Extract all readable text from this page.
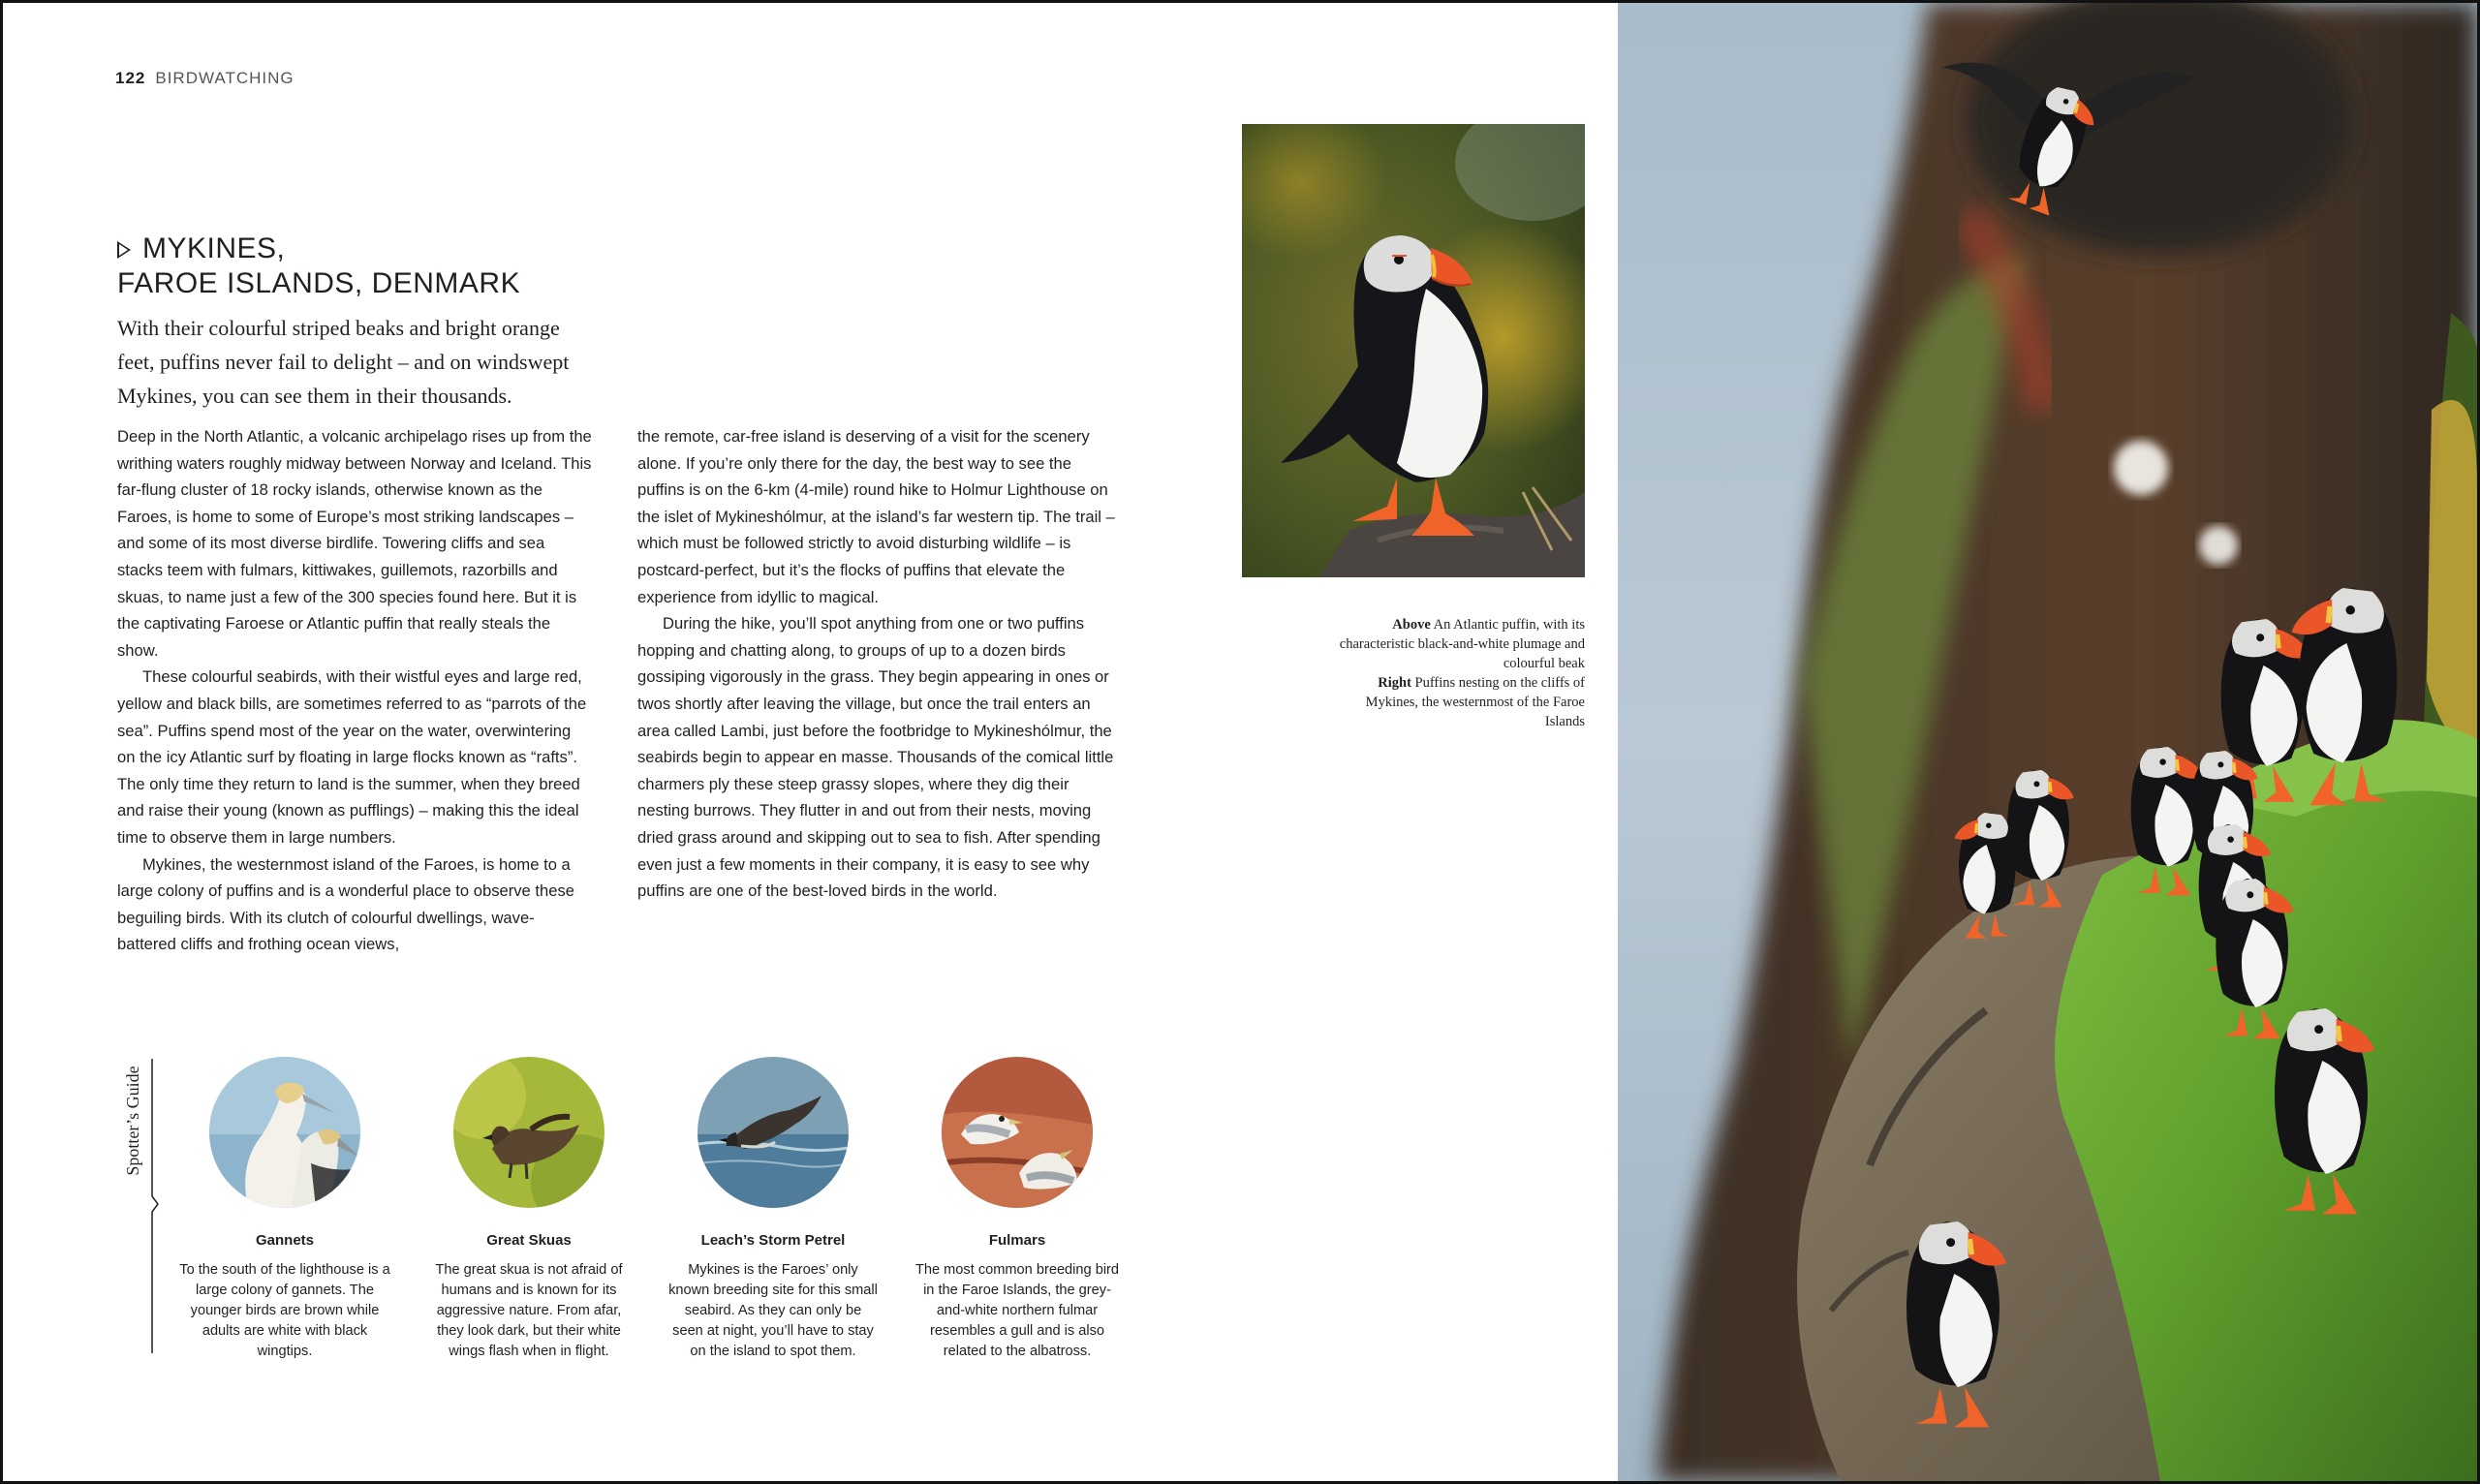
122 BIRDWATCHING
MYKINES,
FAROE ISLANDS, DENMARK
With their colourful striped beaks and bright orange feet, puffins never fail to delight – and on windswept Mykines, you can see them in their thousands.

Deep in the North Atlantic, a volcanic archipelago rises up from the writhing waters roughly midway between Norway and Iceland. This far-flung cluster of 18 rocky islands, otherwise known as the Faroes, is home to some of Europe’s most striking landscapes – and some of its most diverse birdlife. Towering cliffs and sea stacks teem with fulmars, kittiwakes, guillemots, razorbills and skuas, to name just a few of the 300 species found here. But it is the captivating Faroese or Atlantic puffin that really steals the show.

These colourful seabirds, with their wistful eyes and large red, yellow and black bills, are sometimes referred to as “parrots of the sea”. Puffins spend most of the year on the water, overwintering on the icy Atlantic surf by floating in large flocks known as “rafts”. The only time they return to land is the summer, when they breed and raise their young (known as pufflings) – making this the ideal time to observe them in large numbers.

Mykines, the westernmost island of the Faroes, is home to a large colony of puffins and is a wonderful place to observe these beguiling birds. With its clutch of colourful dwellings, wave-battered cliffs and frothing ocean views,

the remote, car-free island is deserving of a visit for the scenery alone. If you’re only there for the day, the best way to see the puffins is on the 6-km (4-mile) round hike to Holmur Lighthouse on the islet of Mykineshólmur, at the island’s far western tip. The trail – which must be followed strictly to avoid disturbing wildlife – is postcard-perfect, but it’s the flocks of puffins that elevate the experience from idyllic to magical.

During the hike, you’ll spot anything from one or two puffins hopping and chatting along, to groups of up to a dozen birds gossiping vigorously in the grass. They begin appearing in ones or twos shortly after leaving the village, but once the trail enters an area called Lambi, just before the footbridge to Mykineshólmur, the seabirds begin to appear en masse. Thousands of the comical little charmers ply these steep grassy slopes, where they dig their nesting burrows. They flutter in and out from their nests, moving dried grass around and skipping out to sea to fish. After spending even just a few moments in their company, it is easy to see why puffins are one of the best-loved birds in the world.

Above An Atlantic puffin, with its characteristic black-and-white plumage and colourful beak
Right Puffins nesting on the cliffs of Mykines, the westernmost of the Faroe Islands
Spotter’s Guide
Gannets
To the south of the lighthouse is a large colony of gannets. The younger birds are brown while adults are white with black wingtips.
Great Skuas
The great skua is not afraid of humans and is known for its aggressive nature. From afar, they look dark, but their white wings flash when in flight.
Leach’s Storm Petrel
Mykines is the Faroes’ only known breeding site for this small seabird. As they can only be seen at night, you’ll have to stay on the island to spot them.
Fulmars
The most common breeding bird in the Faroe Islands, the grey-and-white northern fulmar resembles a gull and is also related to the albatross.
